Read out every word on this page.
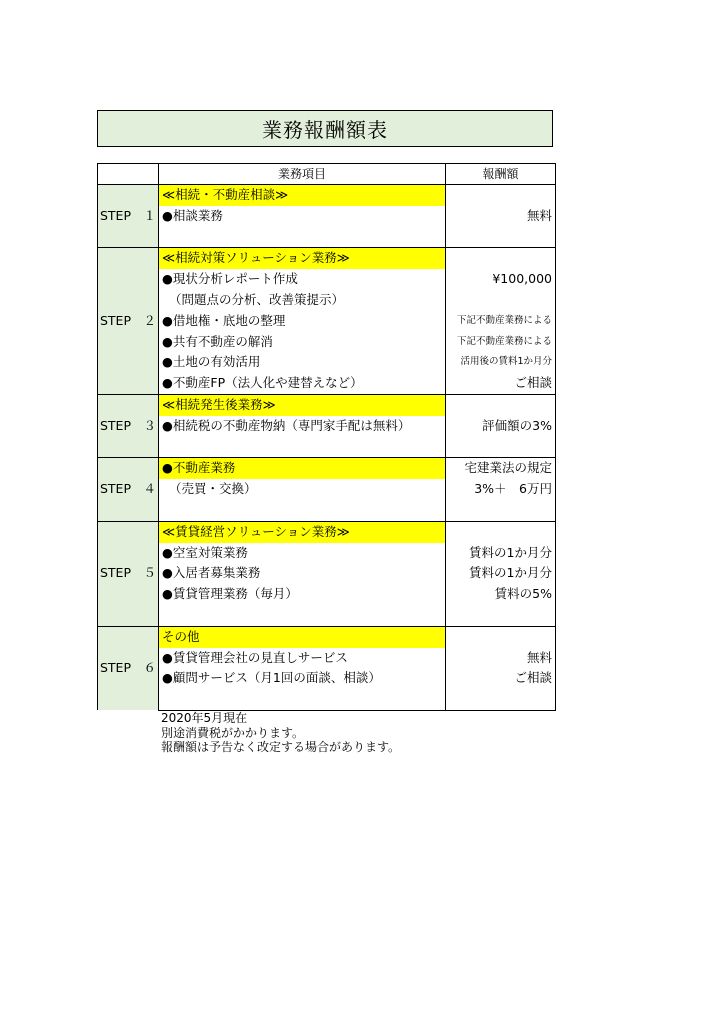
業務報酬額表
	業務項目	報酬額
STEP　１	≪相続・不動産相談≫	
	●相談業務	無料

STEP　２	≪相続対策ソリューション業務≫	
	●現状分析レポート作成	¥100,000
	（問題点の分析、改善策提示）	
	●借地権・底地の整理	下記不動産業務による
	●共有不動産の解消	下記不動産業務による
	●土地の有効活用	活用後の賃料1か月分
	●不動産FP（法人化や建替えなど）	ご相談
STEP　３	≪相続発生後業務≫	
	●相続税の不動産物納（専門家手配は無料）	評価額の3%

STEP　４	●不動産業務	宅建業法の規定
	（売買・交換）	3%＋　6万円

STEP　５	≪賃貸経営ソリューション業務≫	
	●空室対策業務	賃料の1か月分
	●入居者募集業務	賃料の1か月分
	●賃貸管理業務（毎月）	賃料の5%

STEP　６	その他	
	●賃貸管理会社の見直しサービス	無料
	●顧問サービス（月1回の面談、相談）	ご相談

2020年5月現在
別途消費税がかかります。
報酬額は予告なく改定する場合があります。
